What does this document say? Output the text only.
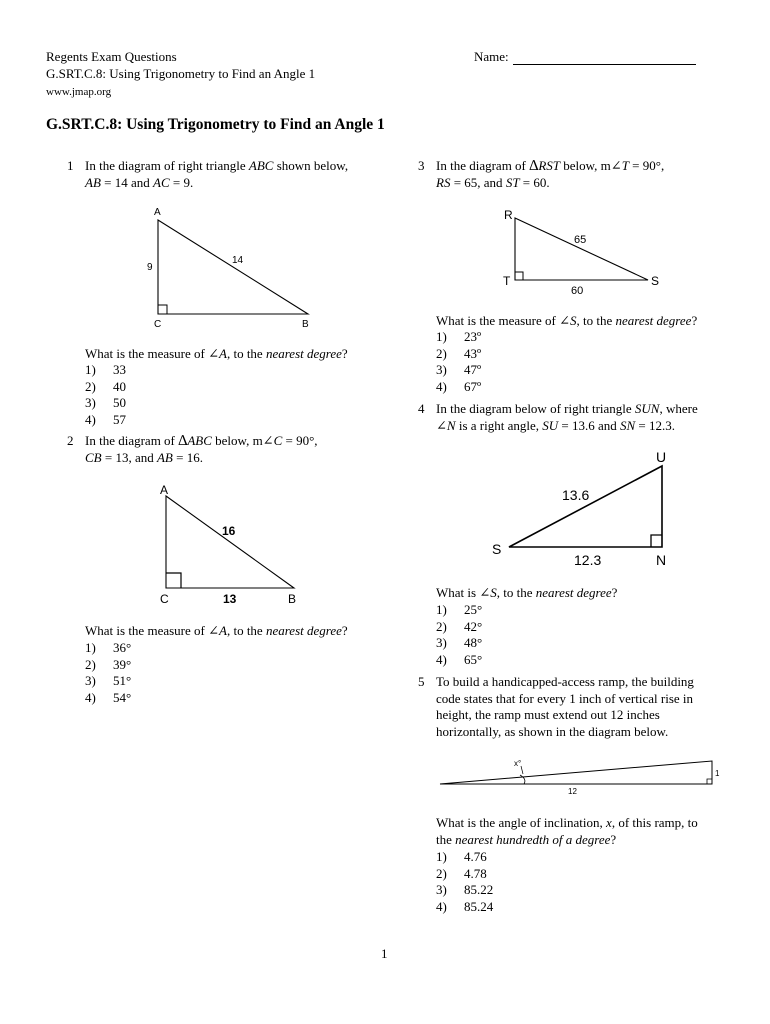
Regents Exam Questions
G.SRT.C.8: Using Trigonometry to Find an Angle 1
www.jmap.org
Name:
G.SRT.C.8: Using Trigonometry to Find an Angle 1
1 In the diagram of right triangle ABC shown below,
AB = 14 and AC = 9.
A
C	B
9
14
What is the measure of ∠A, to the nearest degree?
1) 33
2) 40
3) 50
4) 57
2 In the diagram of ∆ABC below, m∠C = 90°,
CB = 13, and AB = 16.
A
C	B
16
13
What is the measure of ∠A, to the nearest degree?
1) 36°
2) 39°
3) 51°
4) 54°
3 In the diagram of ∆RST below, m∠T = 90°,
RS = 65, and ST = 60.
R
T	S
65
60
What is the measure of ∠S, to the nearest degree?
1) 23º
2) 43º
3) 47º
4) 67º
4 In the diagram below of right triangle SUN, where
∠N is a right angle, SU = 13.6 and SN = 12.3.
U
S
N
13.6
12.3
What is ∠S, to the nearest degree?
1) 25°
2) 42°
3) 48°
4) 65°
5 To build a handicapped-access ramp, the building
code states that for every 1 inch of vertical rise in
height, the ramp must extend out 12 inches
horizontally, as shown in the diagram below.
x°
1
12
What is the angle of inclination, x, of this ramp, to
the nearest hundredth of a degree?
1) 4.76
2) 4.78
3) 85.22
4) 85.24
1
